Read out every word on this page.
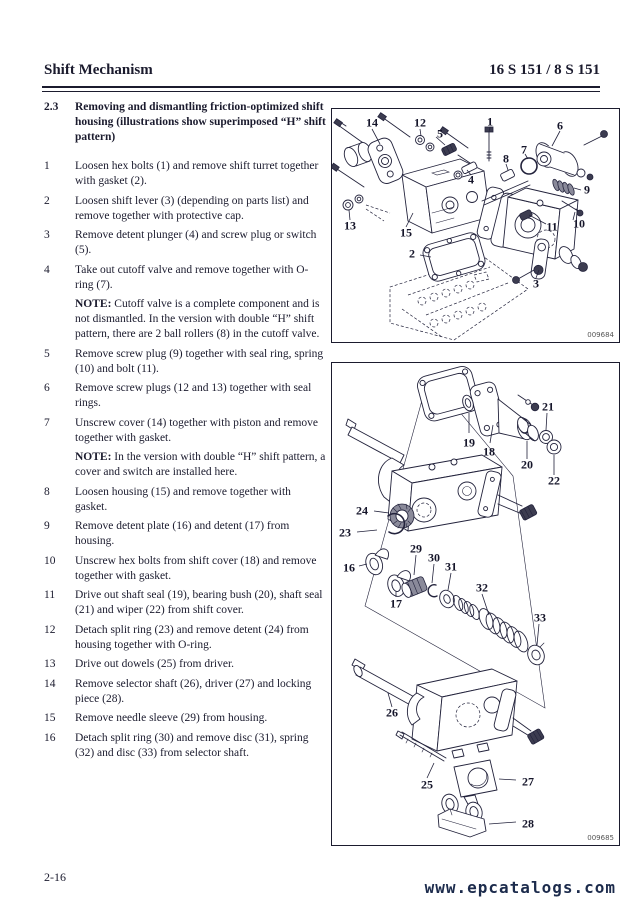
Shift Mechanism	16 S 151 / 8 S 151
2.3 Removing and dismantling friction-optimized shift housing (illustrations show superimposed “H” shift pattern)
1 Loosen hex bolts (1) and remove shift turret together with gasket (2).
2 Loosen shift lever (3) (depending on parts list) and remove together with protective cap.
3 Remove detent plunger (4) and screw plug or switch (5).
4 Take out cutoff valve and remove together with O-ring (7).
NOTE: Cutoff valve is a complete component and is not dismantled. In the version with double “H” shift pattern, there are 2 ball rollers (8) in the cutoff valve.
5 Remove screw plug (9) together with seal ring, spring (10) and bolt (11).
6 Remove screw plugs (12 and 13) together with seal rings.
7 Unscrew cover (14) together with piston and remove together with gasket.
NOTE: In the version with double “H” shift pattern, a cover and switch are installed here.
8 Loosen housing (15) and remove together with gasket.
9 Remove detent plate (16) and detent (17) from housing.
10 Unscrew hex bolts from shift cover (18) and remove together with gasket.
11 Drive out shaft seal (19), bearing bush (20), shaft seal (21) and wiper (22) from shift cover.
12 Detach split ring (23) and remove detent (24) from housing together with O-ring.
13 Drive out dowels (25) from driver.
14 Remove selector shaft (26), driver (27) and locking piece (28).
15 Remove needle sleeve (29) from housing.
16 Detach split ring (30) and remove disc (31), spring (32) and disc (33) from selector shaft.
14	12
5
1	6
8
7
4
9
13	15	11 10
2
3
009684
19
18
21
20
22
24
23
16
29
30
31
32
17
33
26
25	27
28
009685
2-16
www.epcatalogs.com
